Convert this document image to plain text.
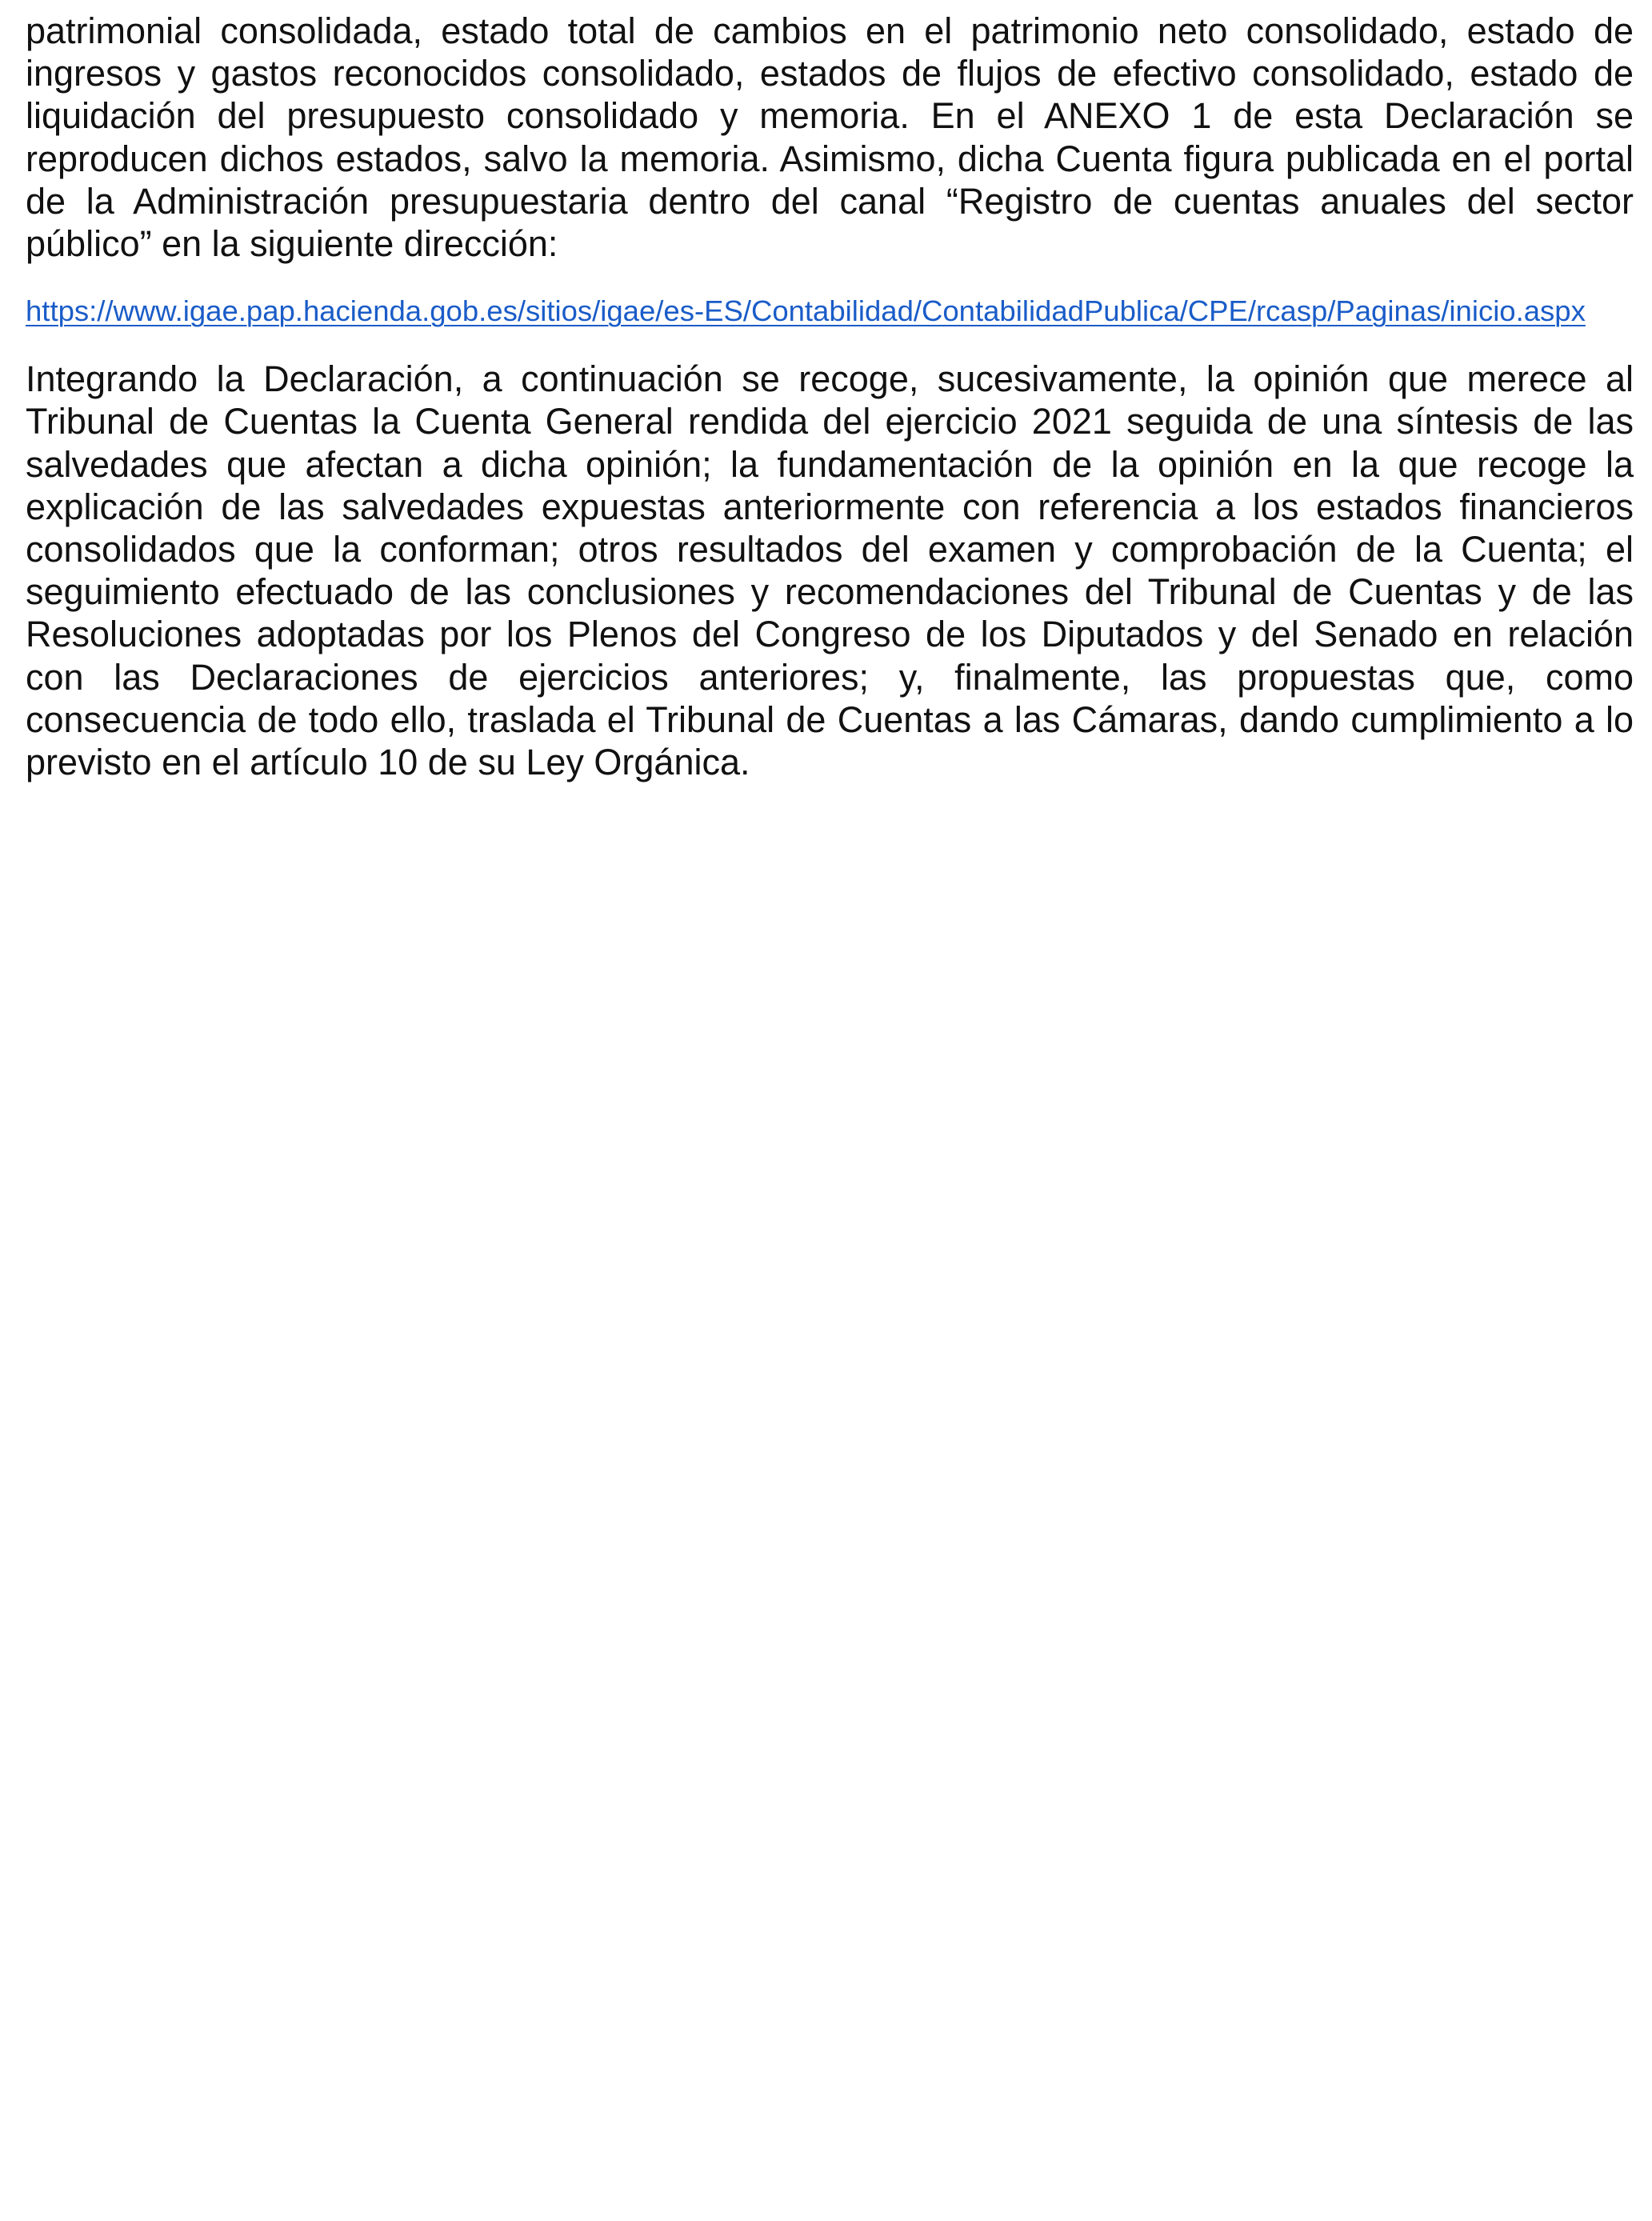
patrimonial consolidada, estado total de cambios en el patrimonio neto consolidado, estado de ingresos y gastos reconocidos consolidado, estados de flujos de efectivo consolidado, estado de liquidación del presupuesto consolidado y memoria. En el ANEXO 1 de esta Declaración se reproducen dichos estados, salvo la memoria. Asimismo, dicha Cuenta figura publicada en el portal de la Administración presupuestaria dentro del canal “Registro de cuentas anuales del sector público” en la siguiente dirección:

https://www.igae.pap.hacienda.gob.es/sitios/igae/es-ES/Contabilidad/ContabilidadPublica/CPE/rcasp/Paginas/inicio.aspx

Integrando la Declaración, a continuación se recoge, sucesivamente, la opinión que merece al Tribunal de Cuentas la Cuenta General rendida del ejercicio 2021 seguida de una síntesis de las salvedades que afectan a dicha opinión; la fundamentación de la opinión en la que recoge la explicación de las salvedades expuestas anteriormente con referencia a los estados financieros consolidados que la conforman; otros resultados del examen y comprobación de la Cuenta; el seguimiento efectuado de las conclusiones y recomendaciones del Tribunal de Cuentas y de las Resoluciones adoptadas por los Plenos del Congreso de los Diputados y del Senado en relación con las Declaraciones de ejercicios anteriores; y, finalmente, las propuestas que, como consecuencia de todo ello, traslada el Tribunal de Cuentas a las Cámaras, dando cumplimiento a lo previsto en el artículo 10 de su Ley Orgánica.
